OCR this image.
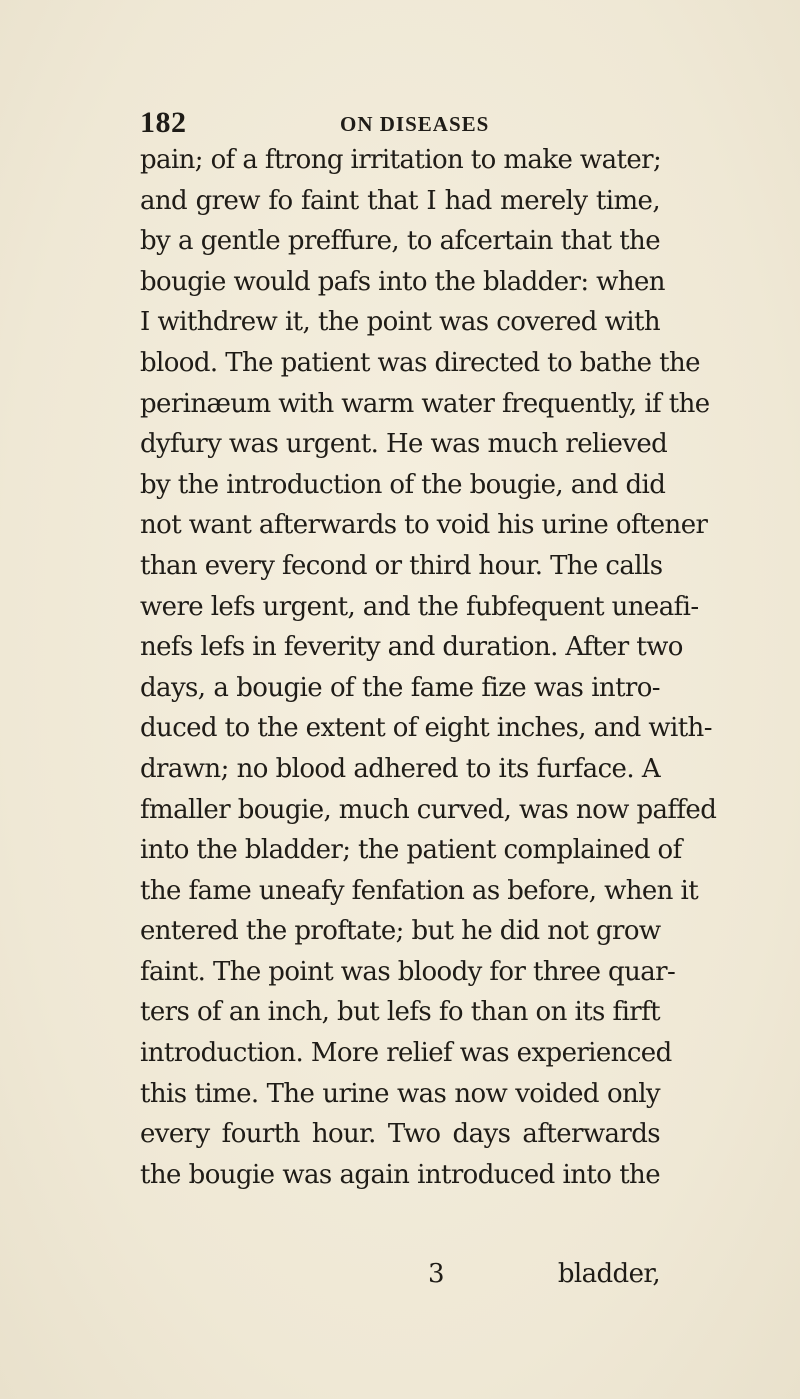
182	ON DISEASES
pain; of a ftrong irritation to make water;
and grew fo faint that I had merely time,
by a gentle preffure, to afcertain that the
bougie would pafs into the bladder: when
I withdrew it, the point was covered with
blood. The patient was directed to bathe the
perinæum with warm water frequently, if the
dyfury was urgent. He was much relieved
by the introduction of the bougie, and did
not want afterwards to void his urine oftener
than every fecond or third hour. The calls
were lefs urgent, and the fubfequent uneafi-
nefs lefs in feverity and duration. After two
days, a bougie of the fame fize was intro-
duced to the extent of eight inches, and with-
drawn; no blood adhered to its furface. A
fmaller bougie, much curved, was now paffed
into the bladder; the patient complained of
the fame uneafy fenfation as before, when it
entered the proftate; but he did not grow
faint. The point was bloody for three quar-
ters of an inch, but lefs fo than on its firft
introduction. More relief was experienced
this time. The urine was now voided only
every fourth hour. Two days afterwards
the bougie was again introduced into the
3	bladder,
